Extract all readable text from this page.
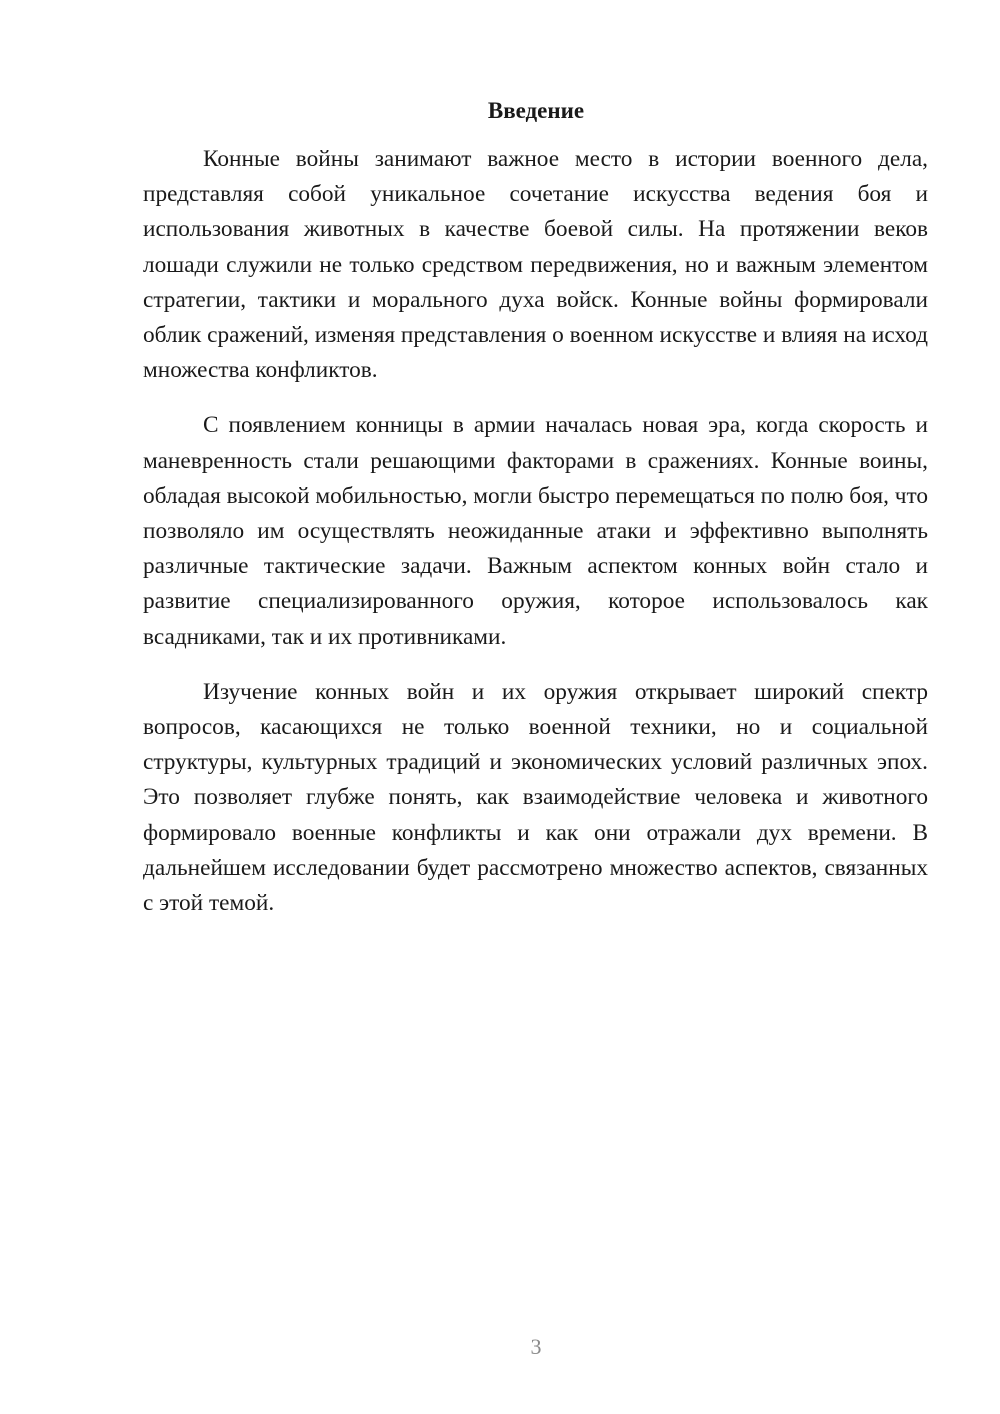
Введение

Конные войны занимают важное место в истории военного дела, представляя собой уникальное сочетание искусства ведения боя и использования животных в качестве боевой силы. На протяжении веков лошади служили не только средством передвижения, но и важным элементом стратегии, тактики и морального духа войск. Конные войны формировали облик сражений, изменяя представления о военном искусстве и влияя на исход множества конфликтов.

С появлением конницы в армии началась новая эра, когда скорость и маневренность стали решающими факторами в сражениях. Конные воины, обладая высокой мобильностью, могли быстро перемещаться по полю боя, что позволяло им осуществлять неожиданные атаки и эффективно выполнять различные тактические задачи. Важным аспектом конных войн стало и развитие специализированного оружия, которое использовалось как всадниками, так и их противниками.

Изучение конных войн и их оружия открывает широкий спектр вопросов, касающихся не только военной техники, но и социальной структуры, культурных традиций и экономических условий различных эпох. Это позволяет глубже понять, как взаимодействие человека и животного формировало военные конфликты и как они отражали дух времени. В дальнейшем исследовании будет рассмотрено множество аспектов, связанных с этой темой.

3
